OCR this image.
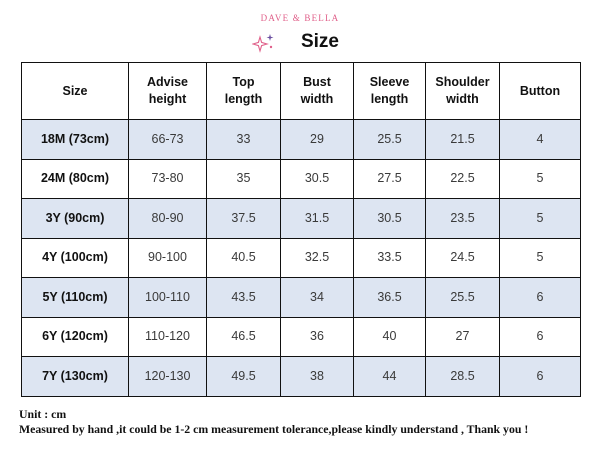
DAVE & BELLA
Size
Size	Advise height	Top length	Bust width	Sleeve length	Shoulder width	Button
18M (73cm)	66-73	33	29	25.5	21.5	4
24M (80cm)	73-80	35	30.5	27.5	22.5	5
3Y (90cm)	80-90	37.5	31.5	30.5	23.5	5
4Y (100cm)	90-100	40.5	32.5	33.5	24.5	5
5Y (110cm)	100-110	43.5	34	36.5	25.5	6
6Y (120cm)	110-120	46.5	36	40	27	6
7Y (130cm)	120-130	49.5	38	44	28.5	6
Unit : cm
Measured by hand ,it could be 1-2 cm measurement tolerance,please kindly understand , Thank you !
